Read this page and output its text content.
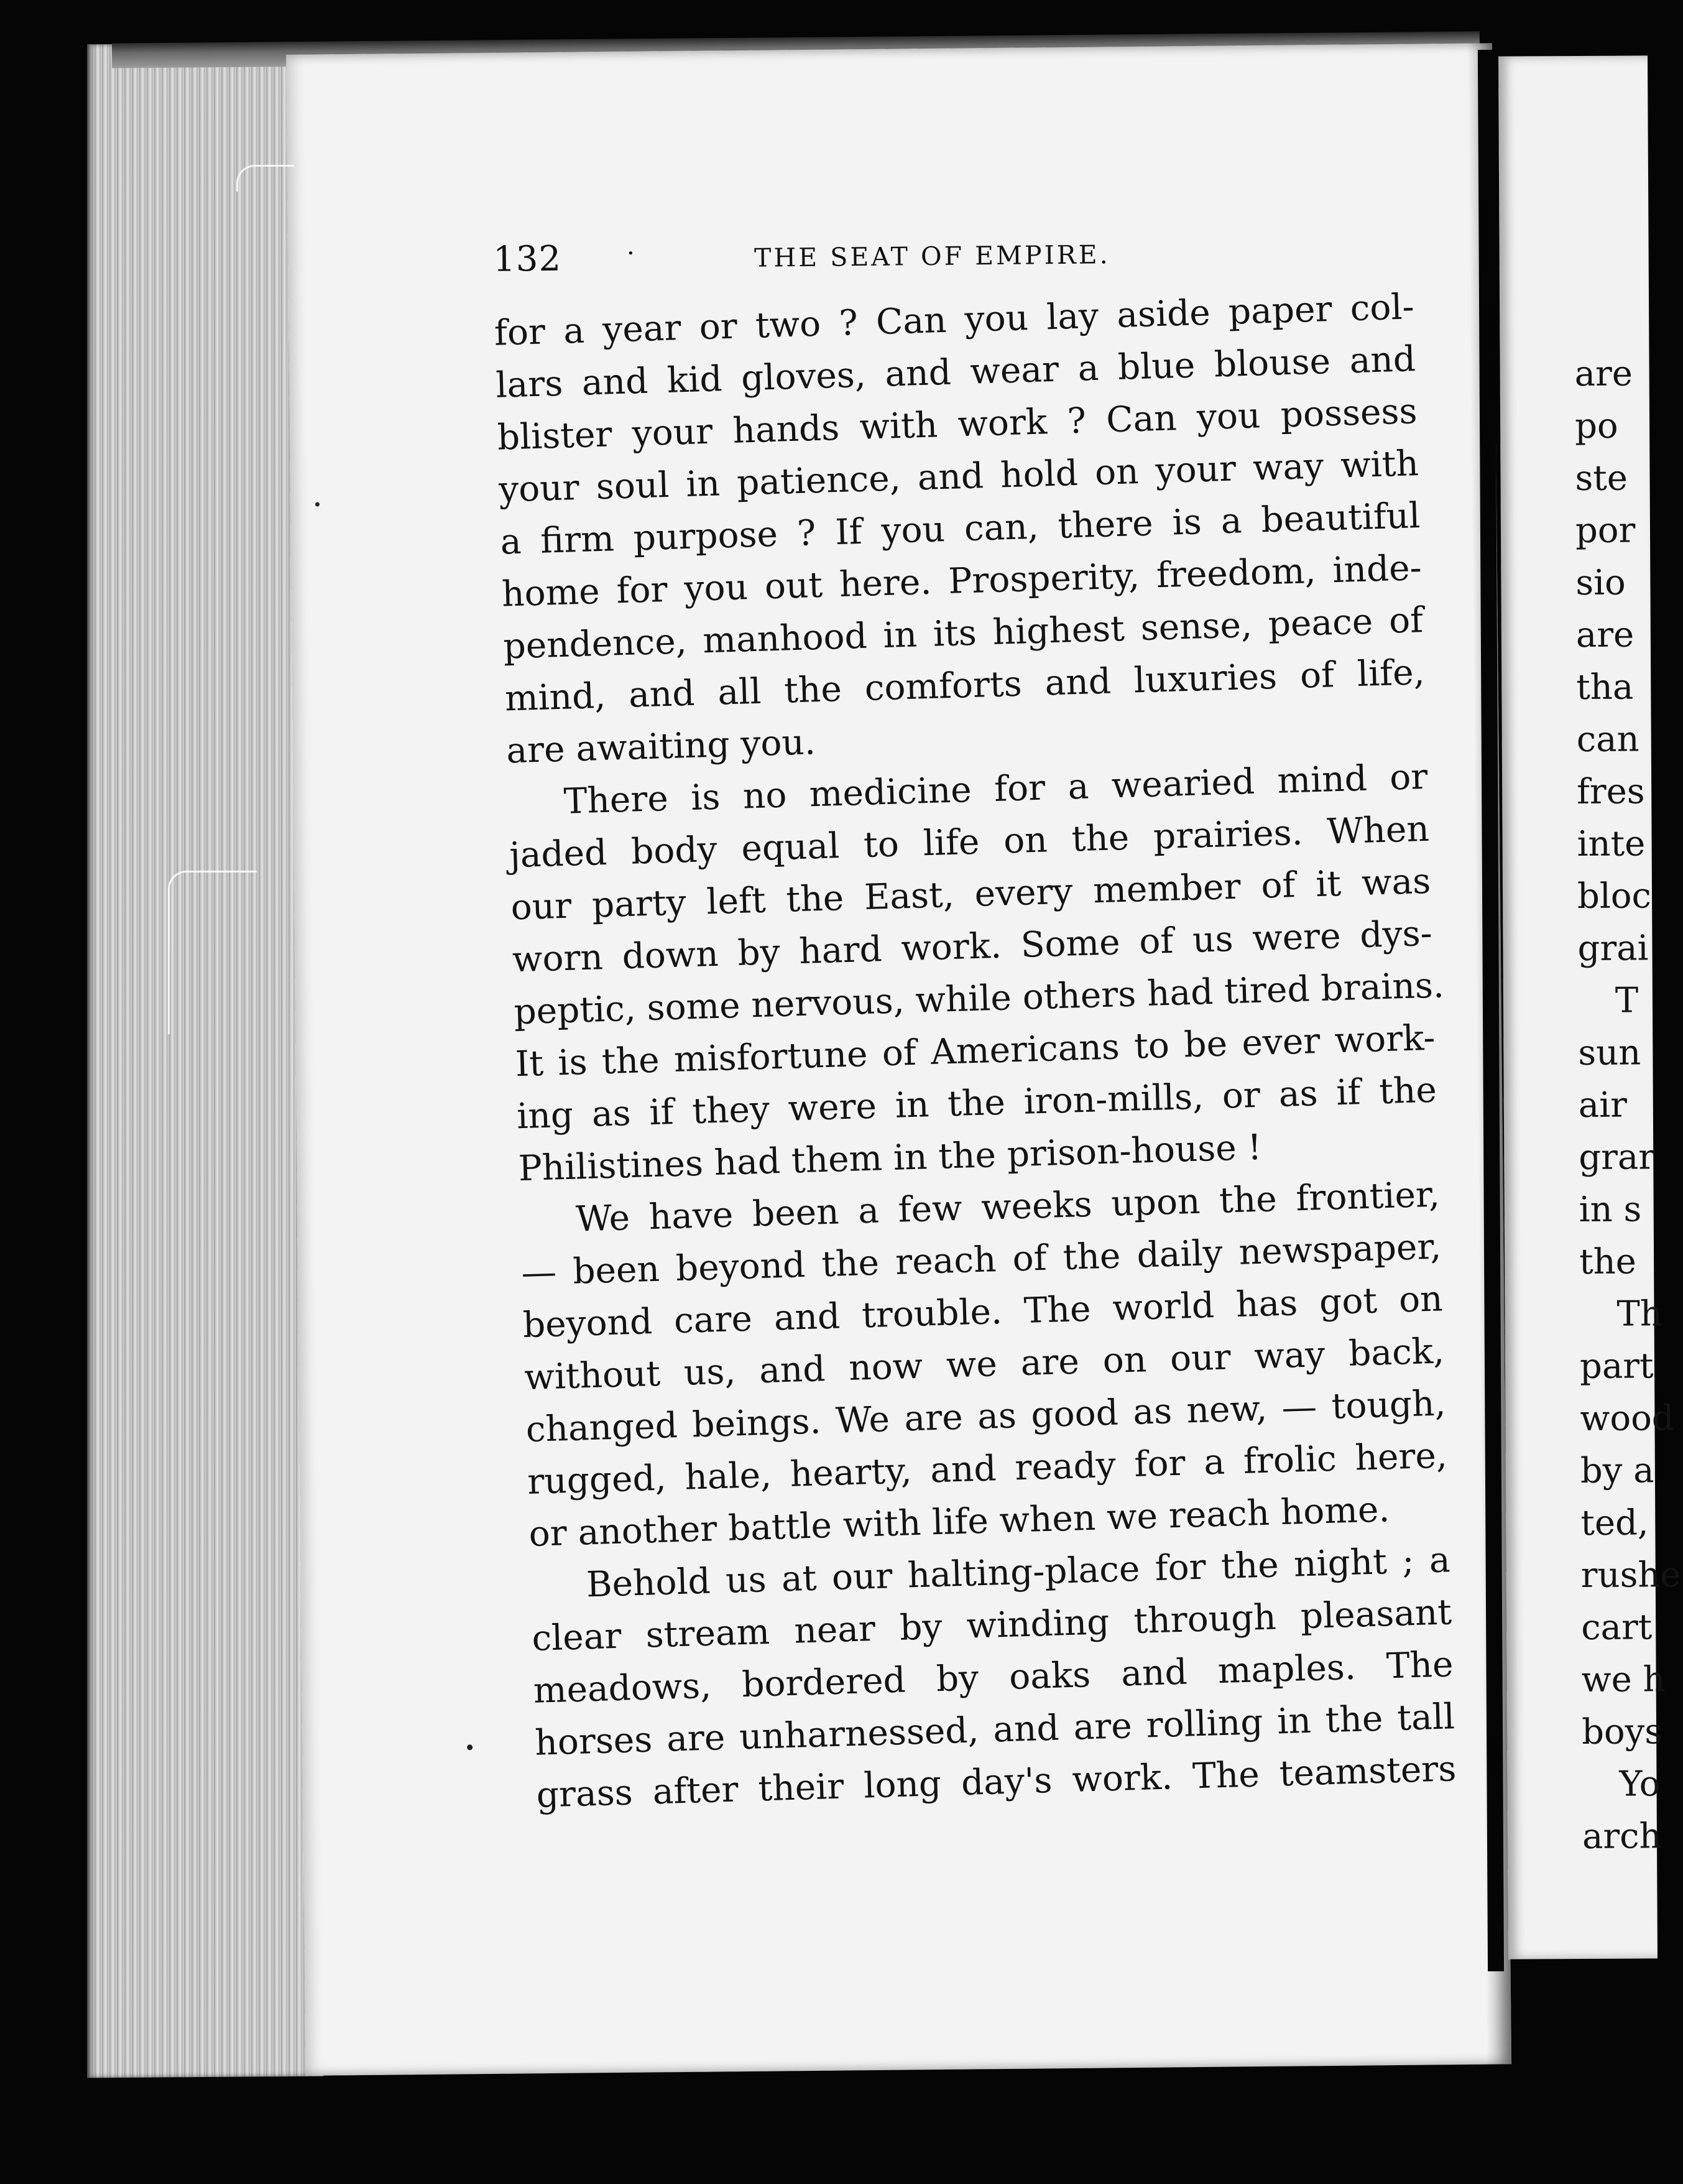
132	·	THE SEAT OF EMPIRE.
for a year or two ? Can you lay aside paper col-
lars and kid gloves, and wear a blue blouse and
blister your hands with work ? Can you possess
your soul in patience, and hold on your way with
a firm purpose ? If you can, there is a beautiful
home for you out here. Prosperity, freedom, inde-
pendence, manhood in its highest sense, peace of
mind, and all the comforts and luxuries of life,
are awaiting you.
There is no medicine for a wearied mind or
jaded body equal to life on the prairies. When
our party left the East, every member of it was
worn down by hard work. Some of us were dys-
peptic, some nervous, while others had tired brains.
It is the misfortune of Americans to be ever work-
ing as if they were in the iron-mills, or as if the
Philistines had them in the prison-house !
We have been a few weeks upon the frontier,
— been beyond the reach of the daily newspaper,
beyond care and trouble. The world has got on
without us, and now we are on our way back,
changed beings. We are as good as new, — tough,
rugged, hale, hearty, and ready for a frolic here,
or another battle with life when we reach home.
Behold us at our halting-place for the night ; a
clear stream near by winding through pleasant
meadows, bordered by oaks and maples. The
horses are unharnessed, and are rolling in the tall
grass after their long day's work. The teamsters
are
po
ste
por
sio
are
tha
can
fres
inte
bloc
grai
T
sun
air
grar
in s
the
Th
part
wood
by a
ted,
rushe
cart
we h
boys
Yo
arch
